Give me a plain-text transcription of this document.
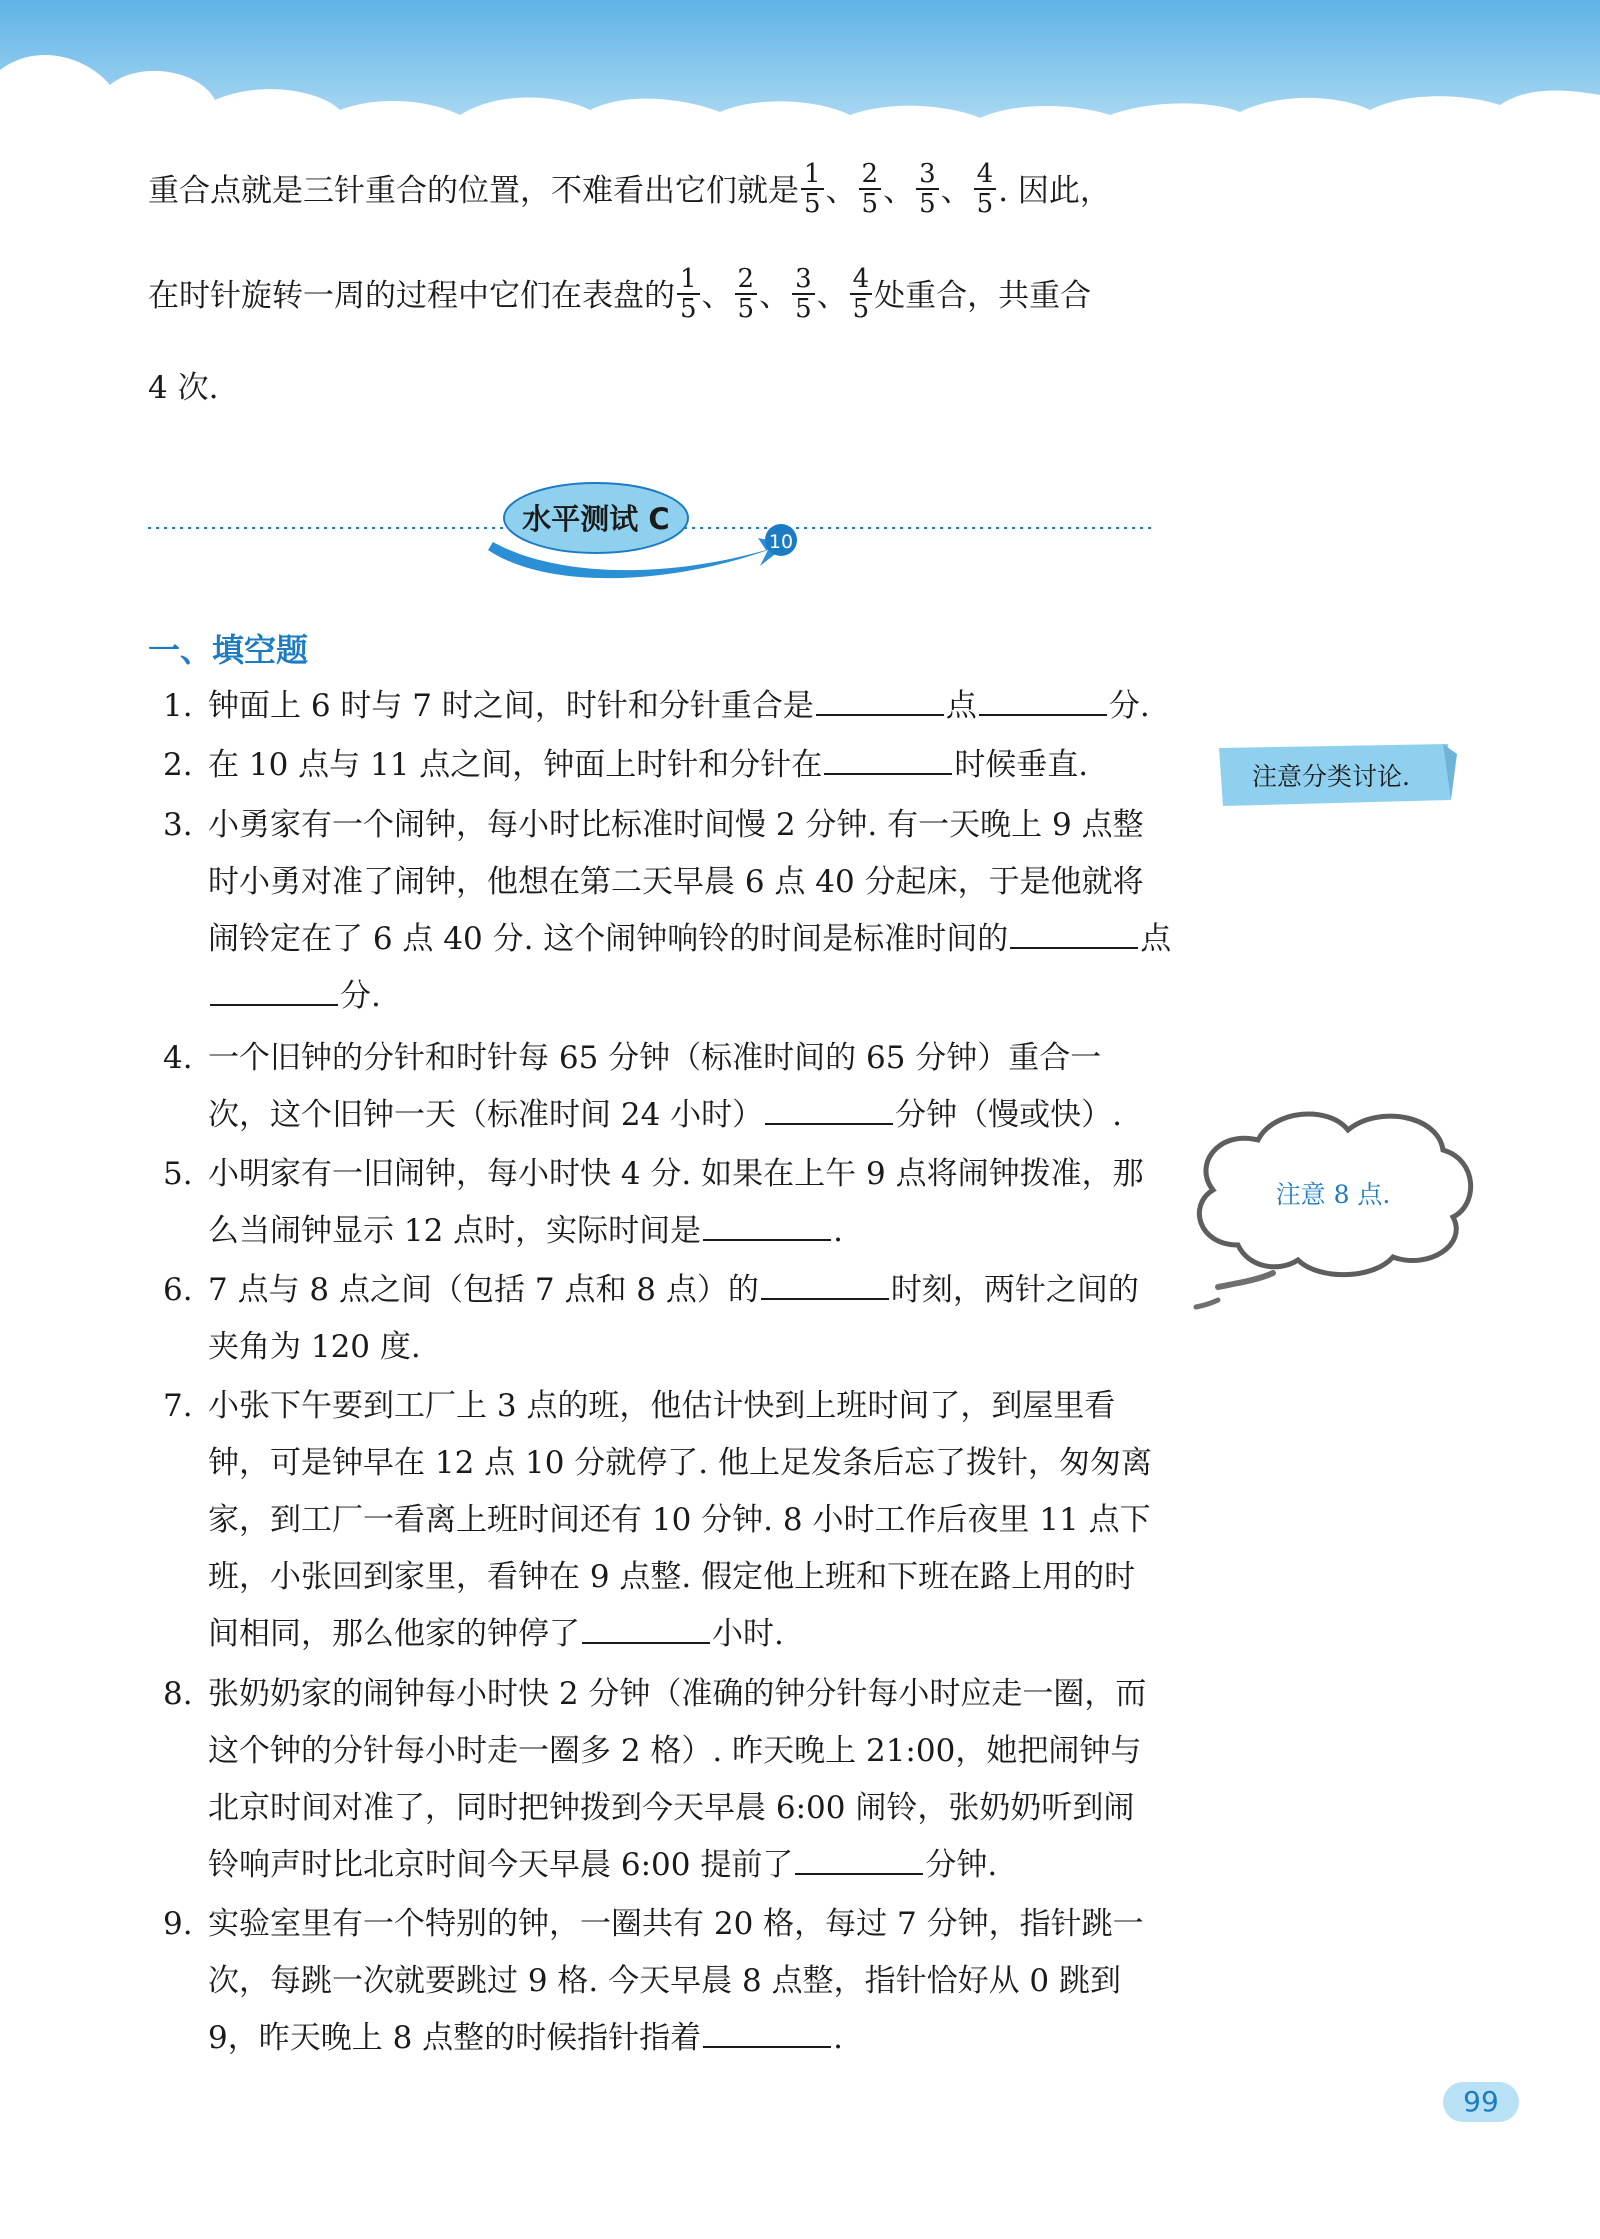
重合点就是三针重合的位置，不难看出它们就是 $\frac{1}{5}$ 、 $\frac{2}{5}$ 、 $\frac{3}{5}$ 、 $\frac{4}{5}$ . 因此，
在时针旋转一周的过程中它们在表盘的 $\frac{1}{5}$ 、 $\frac{2}{5}$ 、 $\frac{3}{5}$ 、 $\frac{4}{5}$ 处重合，共重合
4 次.
水平测试 C
10
一、填空题
1. 钟面上 6 时与 7 时之间，时针和分针重合是	点	分.
2. 在 10 点与 11 点之间，钟面上时针和分针在	时候垂直.
3. 小勇家有一个闹钟，每小时比标准时间慢 2 分钟. 有一天晚上 9 点整时小勇对准了闹钟，他想在第二天早晨 6 点 40 分起床，于是他就将闹铃定在了 6 点 40 分. 这个闹钟响铃的时间是标准时间的	点分.
4. 一个旧钟的分针和时针每 65 分钟（标准时间的 65 分钟）重合一次，这个旧钟一天（标准时间 24 小时）	分钟（慢或快）.
5. 小明家有一旧闹钟，每小时快 4 分. 如果在上午 9 点将闹钟拨准，那么当闹钟显示 12 点时，实际时间是	.
6. 7 点与 8 点之间（包括 7 点和 8 点）的	时刻，两针之间的夹角为 120 度.
7. 小张下午要到工厂上 3 点的班，他估计快到上班时间了，到屋里看钟，可是钟早在 12 点 10 分就停了. 他上足发条后忘了拨针，匆匆离家，到工厂一看离上班时间还有 10 分钟. 8 小时工作后夜里 11 点下班，小张回到家里，看钟在 9 点整. 假定他上班和下班在路上用的时间相同，那么他家的钟停了	小时.
8. 张奶奶家的闹钟每小时快 2 分钟（准确的钟分针每小时应走一圈，而这个钟的分针每小时走一圈多 2 格）. 昨天晚上 21:00，她把闹钟与北京时间对准了，同时把钟拨到今天早晨 6:00 闹铃，张奶奶听到闹铃响声时比北京时间今天早晨 6:00 提前了	分钟.
9. 实验室里有一个特别的钟，一圈共有 20 格，每过 7 分钟，指针跳一次，每跳一次就要跳过 9 格. 今天早晨 8 点整，指针恰好从 0 跳到 9，昨天晚上 8 点整的时候指针指着	.
注意分类讨论.
注意 8 点.
99
